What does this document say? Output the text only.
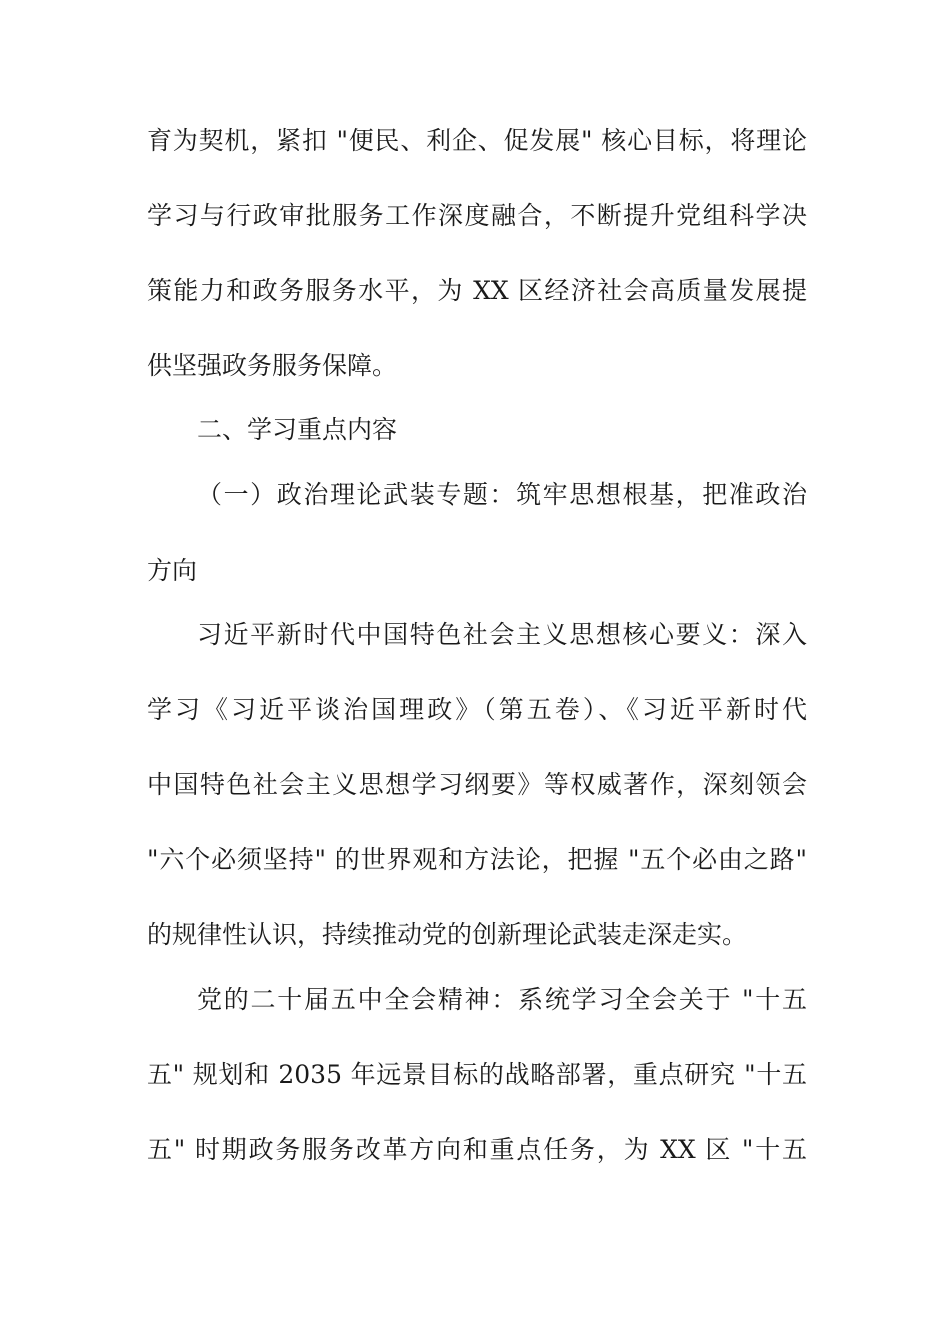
育为契机，紧扣 "便民、利企、促发展" 核心目标，将理论
学习与行政审批服务工作深度融合，不断提升党组科学决
策能力和政务服务水平，为 XX 区经济社会高质量发展提
供坚强政务服务保障。
二、学习重点内容
（一）政治理论武装专题：筑牢思想根基，把准政治
方向
习近平新时代中国特色社会主义思想核心要义：深入
学习《习近平谈治国理政》（第五卷）、《习近平新时代
中国特色社会主义思想学习纲要》等权威著作，深刻领会
"六个必须坚持" 的世界观和方法论，把握 "五个必由之路"
的规律性认识，持续推动党的创新理论武装走深走实。
党的二十届五中全会精神：系统学习全会关于 "十五
五" 规划和 2035 年远景目标的战略部署，重点研究 "十五
五" 时期政务服务改革方向和重点任务，为 XX 区 "十五
